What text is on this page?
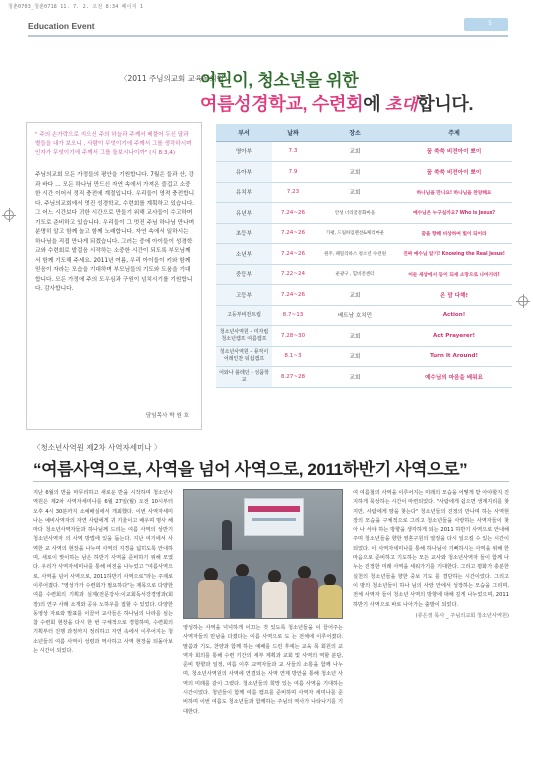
청춘0703_청춘0718 11. 7. 2. 오전 8:34 페이지 1
Education Event	5
〈2011 주님의교회 교육목회원〉
어린이, 청소년을 위한
여름성경학교, 수련회에 초대합니다.
" 주의 손가락으로 지으신 주의 하늘과 주께서 베풀어 두신 달과 별들을 내가 보오니 , 사람이 무엇이기에 주께서 그를 생각하시며 인자가 무엇이기에 주께서 그를 돌보시나이까" (시 8:3,4)
주님의교회 모든 가정들의 평안을 기원합니다. 7월은 들과 산, 강과 바다 … 모든 하나님 만드신 자연 속에서 가져온 즐겁고 소중한 시간 이어서 정직 충전에 계절입니다. 우리들이 영적 충전합니다. 주님의교회에서 멋진 성경학교, 수련회를 계획하고 있습니다. 그 어느 시간보다 귀한 시간으로 만들기 위해 교사들이 수고하며 기도로 준비하고 있습니다. 우리들이 그 멋진 주님 하나님 만나며 분명히 알고 함께 놀고 함께 노래합니다. 자연 속에서 일하시는 하나님을 직접 만나게 되겠습니다. 그러는 중에 아이들이 성경학교와 수련회로 발걸음 시작하는 소중한 시간이 되도록 부모님께서 함께 기도해 주세요. 2011년 여름, 우리 아이들이 키와 함께 믿음이 자라는 모습을 기대하며 부모님들의 기도와 도움을 기대합니다. 모든 가정에 주의 도우심과 구원이 넘치시기를 기원합니다. 감사합니다.
담임목사 박 원 호
부서	날짜	장소	주제
영아부	7.3	교회	꿈 쑥쑥 비전아이 뽀이
유아부	7.9	교회	꿈 쑥쑥 비전아이 뽀이
유치부	7.23	교회	하나님을 만나요! 하나님을 찬양해요
유년부	7.24~26	안성 너리굴문화마을	예수님은 누구실까요? Who is Jesus?
초등부	7.24~26	가평, 드림하임펜션&체리마운	꿈을 향해 비상하여 빛이 되어라
소년부	7.24~26	원주, 패밀리하스 청소년 수련원	진짜 예수님 알기! Knowing the Real Jesus!
중등부	7.22~24	운광구 , 힐비전센터	어둔 세상에서 등이 되세 소망으로 나아가라!
고등부	7.24~26	교회	온 맘 다해!
고등부비전트립	8.7~13	베트남 호치민	Action!
청소년사역원 - 미자립 청소년캠프 여름캠프	7.28~30	교회	Act Prayerer!
청소년사역원 - 뮤직이어레인찬 워십캠프	8.1~3	교회	Turn It Around!
어와나 블레던 · 성품학교	8.27~28	교회	예수님의 마음을 배워요
〈청소년사역원 제2차 사역자세미나 〉
“여름사역으로, 사역을 넘어 사역으로, 2011하반기 사역으로”
지난 6월의 반을 마무리하고 새로운 반을 시작하며 청소년사역원은 제2차 사역자세미나를 6월 27일(월) 오전 10시부터 오후 4시 30분까지 소예배실에서 개최했다. 이번 사역자세미나는 예비사역자의 자연 사람에게 귀 기울이고 배우며 명사 해마다 청소년사역자들과 하나님께 드리는 여름 사역의 상반기 청소년사역자 의 사역 방법에 있을 돕는다. 지난 여기에서 사역한 교 사역의 현장을 나누며 사역의 지경을 넓히도록 안내하며, 새로이 맞이하는 남은 하반기 사역을 준비하기 위해 모였 다. 우리가 사역자세미나를 통해 비전을 나누었고 “여름사역으로, 사역을 넘어 사역으로, 2011하반기 사역으로”라는 주제로 이루어졌다. "영성가가 수련회가 필요하다"는 제목으로 다양한 여름 수련회의 기획과 실제(전문강사:이교회독서강경영과(회장)의 연구 사례 소개와 공유 노하우를 접할 수 있었다. 다양한 동영상 자료와 발표를 이끌어 교사들은 하나님의 나라를 심는 참 수련회 현장을 다시 한 번 구체적으로 경험하며, 수련회의 기획부터 진행 과정까지 정리하고 자연 속에서 이루어지는 청소년들의 여름 사역이 성령과 역사하고 사역 현장을 되돌아보는 시간이 되었다.
영성하는 사역을 넉넉하게 이끄는 것 있도록 청소년들을 이 끌어주는 사역자들의 만남을 다졌다는 이름 사역으로 도 는 전체에 이루어졌다. 말씀과 기도, 찬양과 함께 하는 예배를 드린 후에는 교육 목 회원의 교역자 회의를 통해 수련 기간의 세부 계획과 교회 및 사역의 역할 분담, 준비 방향과 일정, 여름 이후 교역자들과 교 사들의 소통을 함께 나누며, 청소년사역원의 사역에 연결되는 사역 연계 방안을 통해 청소년 사역의 미래를 같이 그렸다. 청소년들의 희망 있는 여름 사역을 기대하는 시간이었다. 청년들이 함께 여름 캠프를 준비하며 사역자 세미나를 준비하며 이번 여름도 청소년들과 함께하는 주님의 역사가 나타나기를 기대한다.
여 여름철의 사역을 이루어지는 미래의 모습을 어떻게 받 아야할지 진지하게 묵상하는 시간이 마련되었다. "사람에게 쉼으면 생계지리를 찾지만, 사람에게 땅을 찾는다" 청소년들의 진정의 만나며 하는 사역현장의 모습을 구체적으로 그리고 청소년들을 사랑하는 사역자들이 찾아 나 서야 하는 방향을 생각하게 되는 2011 하반기 사역으로 안내해 주며 청소년들을 향한 영혼구원의 열정을 다시 일으킬 수 있는 시간이 되었다. 이 사역자세미나를 통해 하나님이 기뻐하시는 사역을 위해 한 마음으로 준비하고 기도하는 모든 교사와 청소년사역자 들이 함께 나누는 진정한 미래 사역을 세워가기를 기대한다. 그리고 평화가 충분한 실천의 청소년들을 향한 중보 기도 를 결단하는 시간이었다. 그리고 이 땅의 청소년들이 하나 님의 사랑 안에서 성장하는 모습을 그리며, 전체 사역자 들이 청소년 사역의 방향에 대해 깊게 나누었으며, 2011 하반기 사역으로 바로 나아가는 출발이 되었다.
(류은정 목사 _ 주님의교회 청소년사역원)
